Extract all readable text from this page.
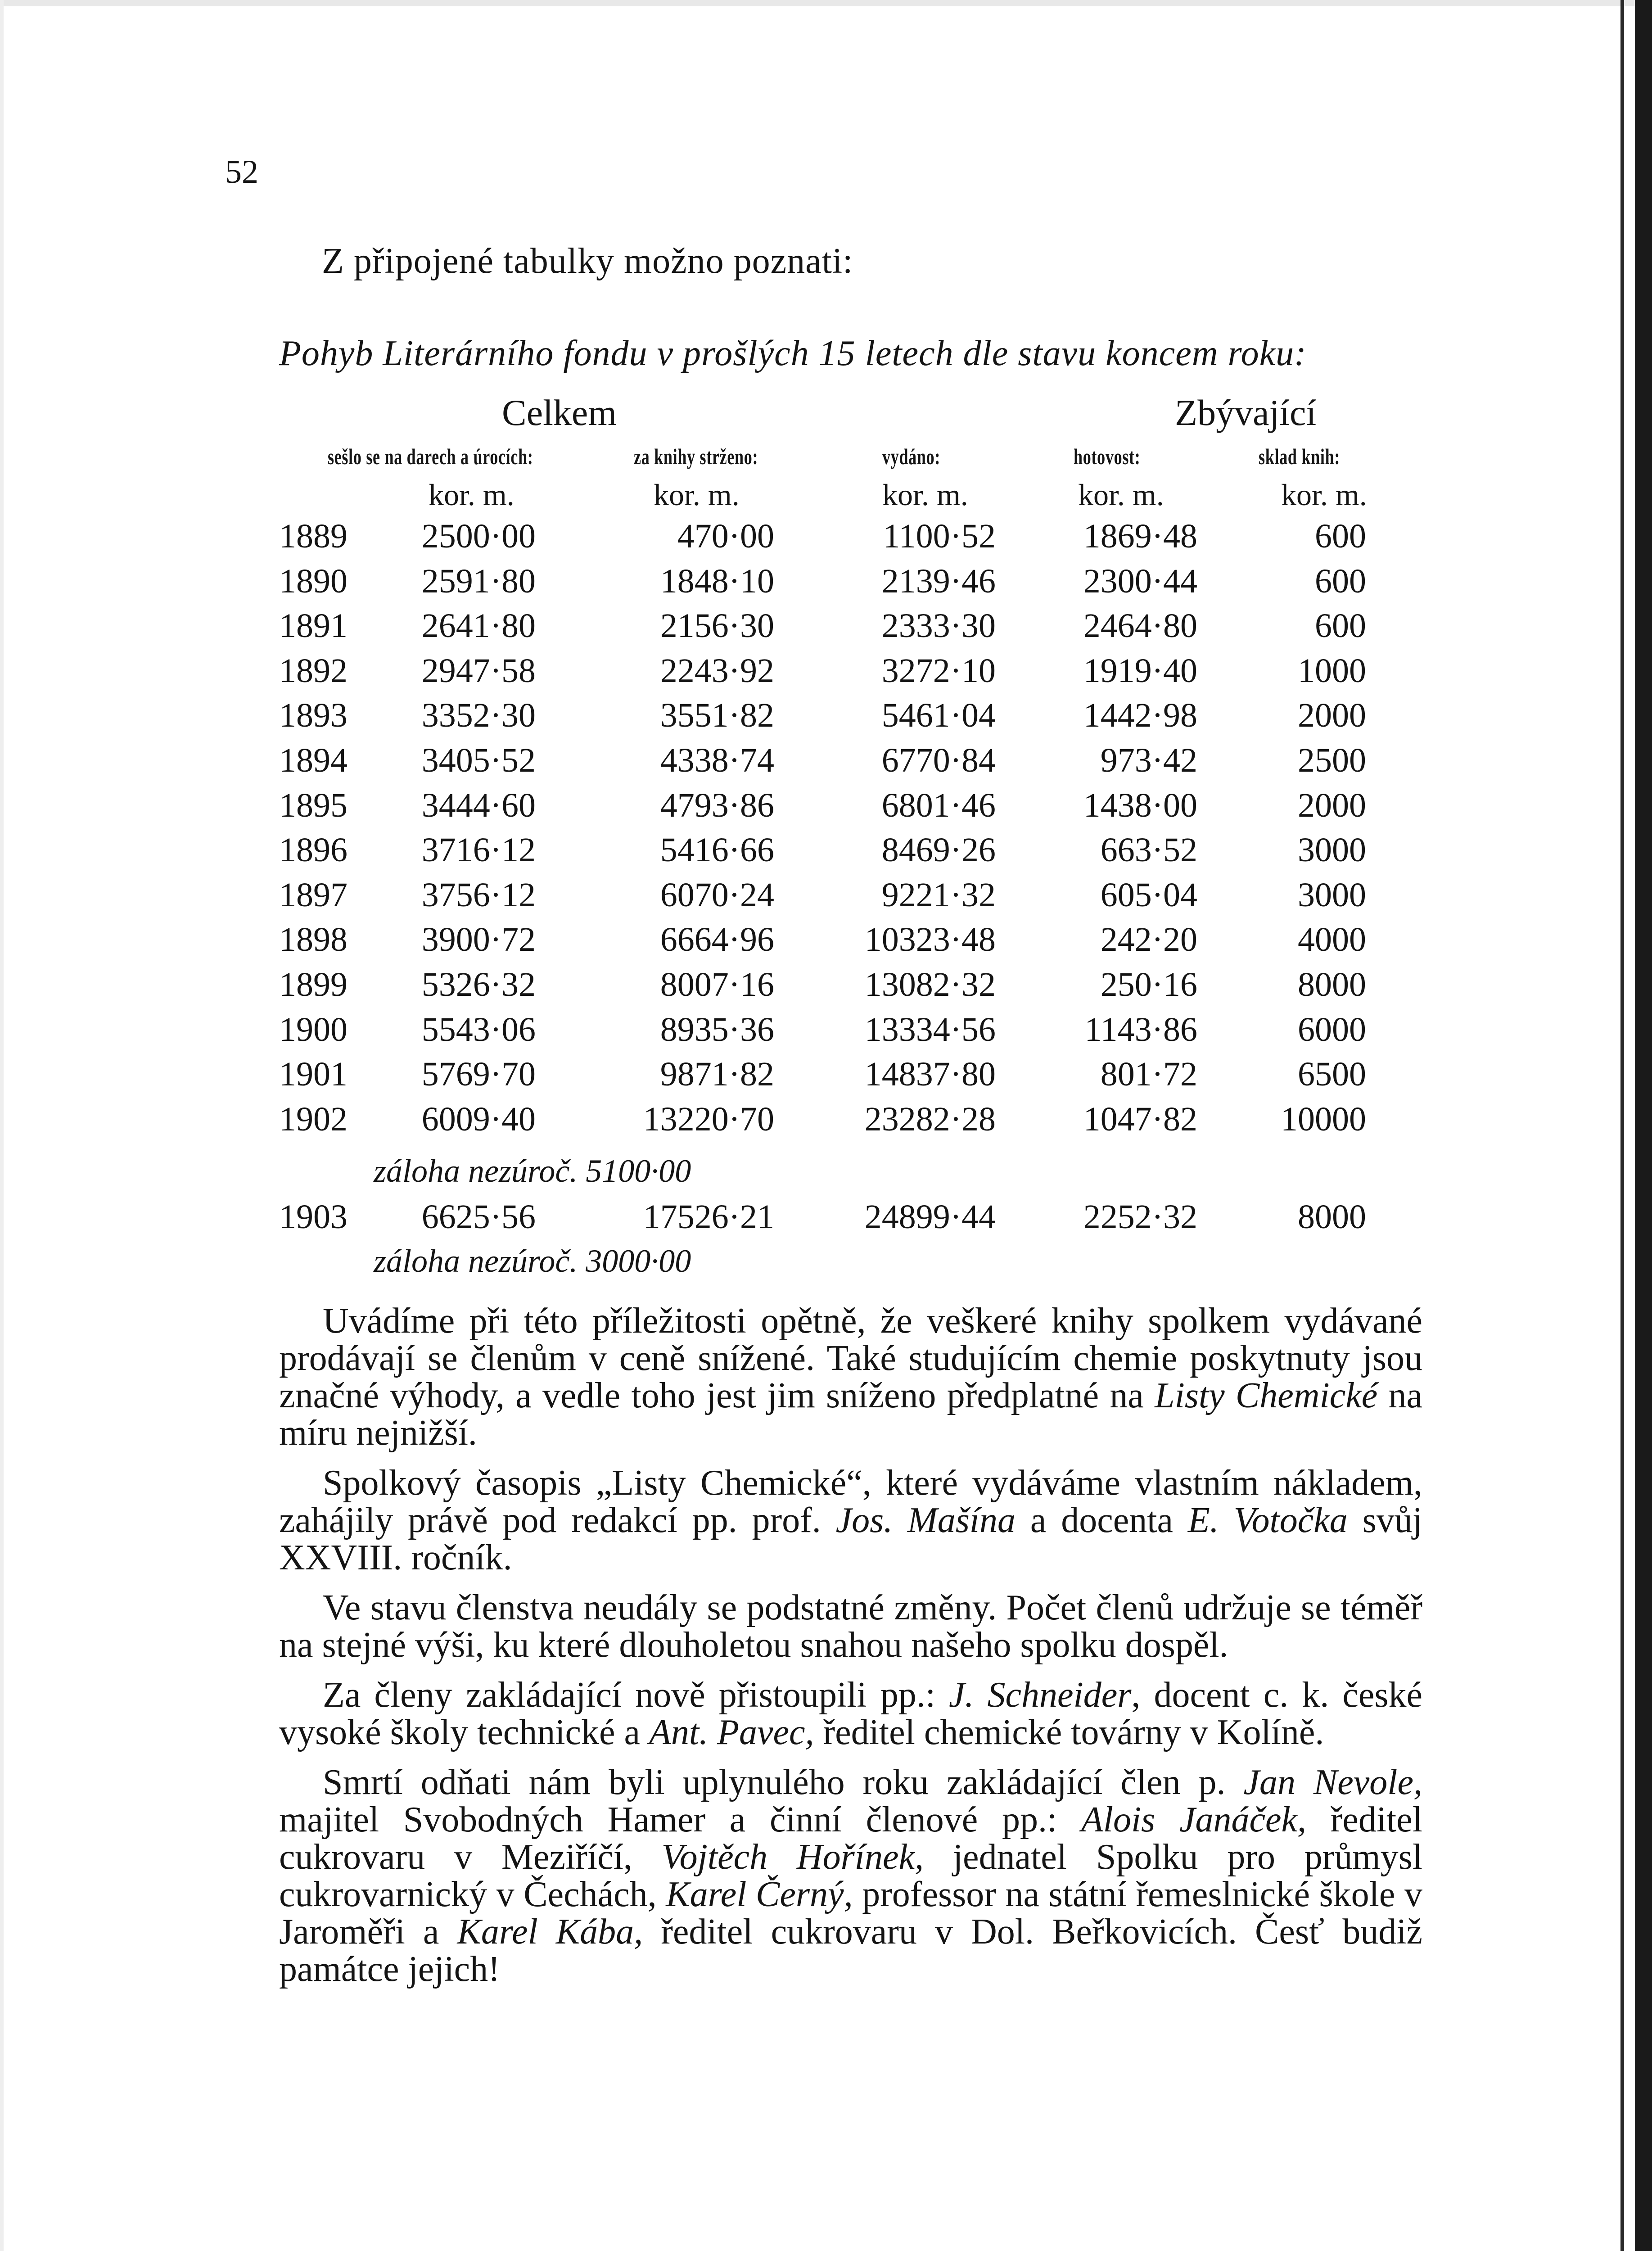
52
Z připojené tabulky možno poznati:
Pohyb Literárního fondu v prošlých 15 letech dle stavu koncem roku:
Celkem	Zbývající
sešlo se na darech a úrocích:	za knihy strženo:	vydáno:	hotovost:	sklad knih:
kor. m.	kor. m.	kor. m.	kor. m.	kor. m.
1889 2500·00	470·00	1100·52	1869·48	600
1890 2591·80	1848·10	2139·46	2300·44	600
1891 2641·80	2156·30	2333·30	2464·80	600
1892 2947·58	2243·92	3272·10	1919·40	1000
1893 3352·30	3551·82	5461·04	1442·98	2000
1894 3405·52	4338·74	6770·84	973·42	2500
1895 3444·60	4793·86	6801·46	1438·00	2000
1896 3716·12	5416·66	8469·26	663·52	3000
1897 3756·12	6070·24	9221·32	605·04	3000
1898 3900·72	6664·96	10323·48	242·20	4000
1899 5326·32	8007·16	13082·32	250·16	8000
1900 5543·06	8935·36	13334·56	1143·86	6000
1901 5769·70	9871·82	14837·80	801·72	6500
1902 6009·40	13220·70	23282·28	1047·82 10000
1903 6625·56	17526·21	24899·44	2252·32	8000
záloha nezúroč. 5100·00
záloha nezúroč. 3000·00

Uvádíme při této příležitosti opětně, že veškeré knihy spolkem vydávané prodávají se členům v ceně snížené. Také studujícím chemie poskytnuty jsou značné výhody, a vedle toho jest jim sníženo předplatné na Listy Chemické na míru nejnižší.

Spolkový časopis „Listy Chemické“, které vydáváme vlastním nákladem, zahájily právě pod redakcí pp. prof. Jos. Mašína a docenta E. Votočka svůj XXVIII. ročník.

Ve stavu členstva neudály se podstatné změny. Počet členů udržuje se téměř na stejné výši, ku které dlouholetou snahou našeho spolku dospěl.

Za členy zakládající nově přistoupili pp.: J. Schneider, docent c. k. české vysoké školy technické a Ant. Pavec, ředitel chemické továrny v Kolíně.

Smrtí odňati nám byli uplynulého roku zakládající člen p. Jan Nevole, majitel Svobodných Hamer a činní členové pp.: Alois Janáček, ředitel cukrovaru v Meziříčí, Vojtěch Hořínek, jednatel Spolku pro průmysl cukrovarnický v Čechách, Karel Černý, professor na státní řemeslnické škole v Jaroměři a Karel Kába, ředitel cukrovaru v Dol. Beřkovicích. Česť budiž památce jejich!
